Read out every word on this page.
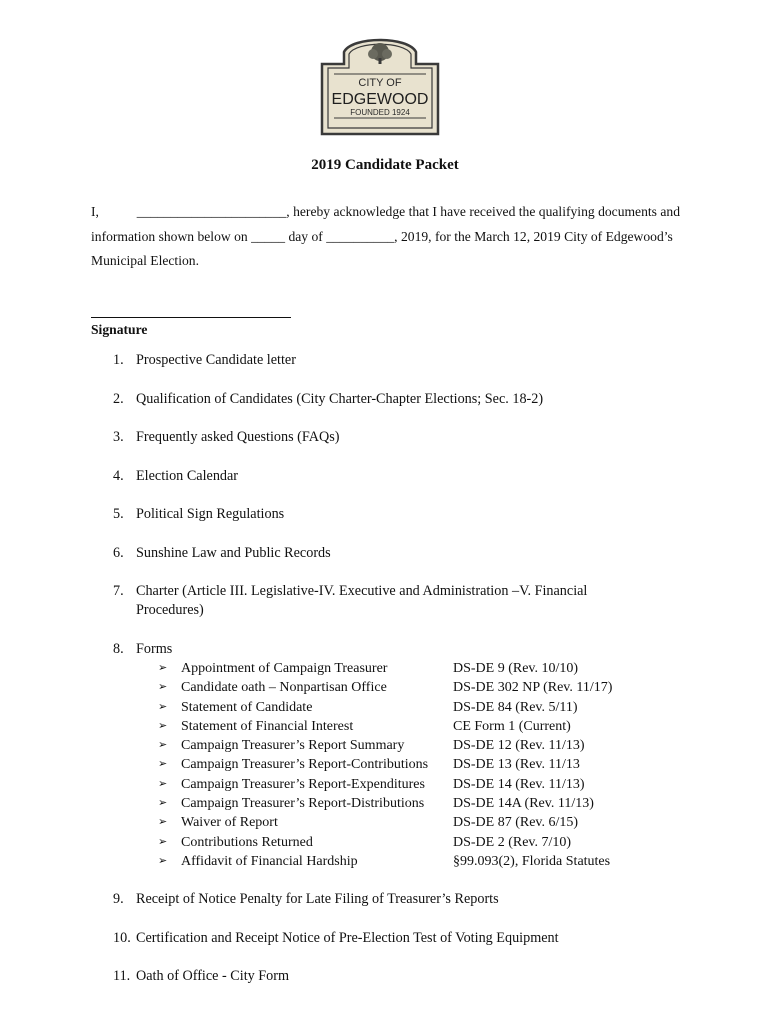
CITY OF
EDGEWOOD
FOUNDED 1924
2019 Candidate Packet
I,	______________________, hereby acknowledge that I have received the qualifying documents and
information shown below on _____ day of __________, 2019, for the March 12, 2019 City of Edgewood’s
Municipal Election.
Signature
1. Prospective Candidate letter
2. Qualification of Candidates (City Charter-Chapter Elections; Sec. 18-2)
3. Frequently asked Questions (FAQs)
4. Election Calendar
5. Political Sign Regulations
6. Sunshine Law and Public Records
7. Charter (Article III. Legislative-IV. Executive and Administration –V. Financial
Procedures)
8. Forms
➢ Appointment of Campaign Treasurer	DS-DE 9 (Rev. 10/10)
➢ Candidate oath – Nonpartisan Office	DS-DE 302 NP (Rev. 11/17)
➢ Statement of Candidate	DS-DE 84 (Rev. 5/11)
➢ Statement of Financial Interest	CE Form 1 (Current)
➢ Campaign Treasurer’s Report Summary	DS-DE 12 (Rev. 11/13)
➢ Campaign Treasurer’s Report-Contributions	DS-DE 13 (Rev. 11/13
➢ Campaign Treasurer’s Report-Expenditures	DS-DE 14 (Rev. 11/13)
➢ Campaign Treasurer’s Report-Distributions	DS-DE 14A (Rev. 11/13)
➢ Waiver of Report	DS-DE 87 (Rev. 6/15)
➢ Contributions Returned	DS-DE 2 (Rev. 7/10)
➢ Affidavit of Financial Hardship	§99.093(2), Florida Statutes
9. Receipt of Notice Penalty for Late Filing of Treasurer’s Reports
10. Certification and Receipt Notice of Pre-Election Test of Voting Equipment
11. Oath of Office - City Form
